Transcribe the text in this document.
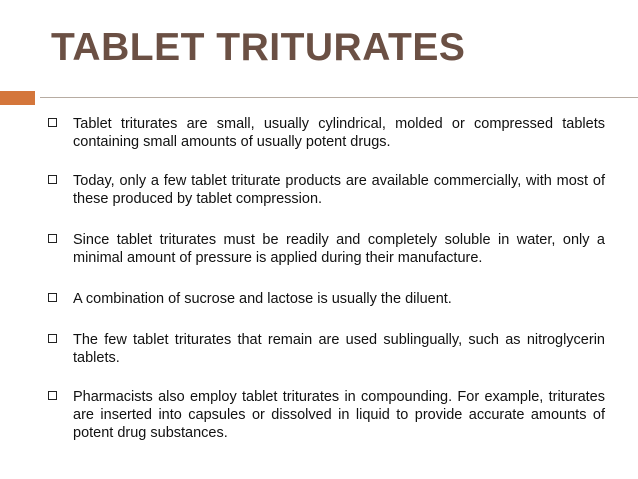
TABLET TRITURATES
Tablet triturates are small, usually cylindrical, molded or compressed tablets containing small amounts of usually potent drugs.
Today, only a few tablet triturate products are available commercially, with most of these produced by tablet compression.
Since tablet triturates must be readily and completely soluble in water, only a minimal amount of pressure is applied during their manufacture.
A combination of sucrose and lactose is usually the diluent.
The few tablet triturates that remain are used sublingually, such as nitroglycerin tablets.
Pharmacists also employ tablet triturates in compounding. For example, triturates are inserted into capsules or dissolved in liquid to provide accurate amounts of potent drug substances.
